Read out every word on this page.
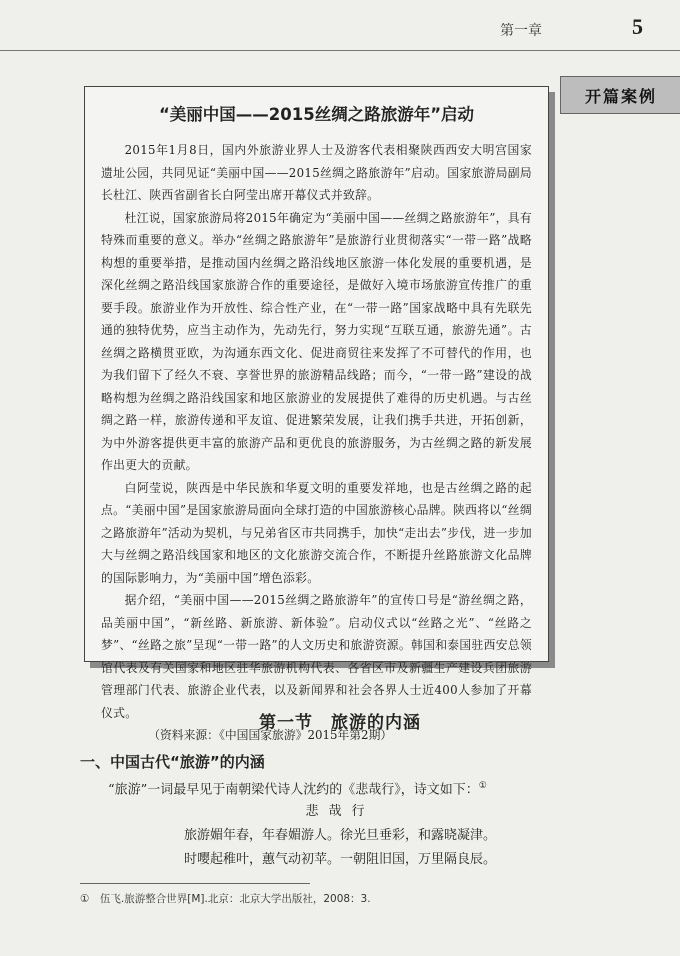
第一章	5
开篇案例
“美丽中国——2015丝绸之路旅游年”启动

2015年1月8日，国内外旅游业界人士及游客代表相聚陕西西安大明宫国家遗址公园，共同见证“美丽中国——2015丝绸之路旅游年”启动。国家旅游局副局长杜江、陕西省副省长白阿莹出席开幕仪式并致辞。

杜江说，国家旅游局将2015年确定为“美丽中国——丝绸之路旅游年”，具有特殊而重要的意义。举办“丝绸之路旅游年”是旅游行业贯彻落实“一带一路”战略构想的重要举措，是推动国内丝绸之路沿线地区旅游一体化发展的重要机遇，是深化丝绸之路沿线国家旅游合作的重要途径，是做好入境市场旅游宣传推广的重要手段。旅游业作为开放性、综合性产业，在“一带一路”国家战略中具有先联先通的独特优势，应当主动作为，先动先行，努力实现“互联互通，旅游先通”。古丝绸之路横贯亚欧，为沟通东西文化、促进商贸往来发挥了不可替代的作用，也为我们留下了经久不衰、享誉世界的旅游精品线路；而今，“一带一路”建设的战略构想为丝绸之路沿线国家和地区旅游业的发展提供了难得的历史机遇。与古丝绸之路一样，旅游传递和平友谊、促进繁荣发展，让我们携手共进，开拓创新，为中外游客提供更丰富的旅游产品和更优良的旅游服务，为古丝绸之路的新发展作出更大的贡献。

白阿莹说，陕西是中华民族和华夏文明的重要发祥地，也是古丝绸之路的起点。“美丽中国”是国家旅游局面向全球打造的中国旅游核心品牌。陕西将以“丝绸之路旅游年”活动为契机，与兄弟省区市共同携手，加快“走出去”步伐，进一步加大与丝绸之路沿线国家和地区的文化旅游交流合作，不断提升丝路旅游文化品牌的国际影响力，为“美丽中国”增色添彩。

据介绍，“美丽中国——2015丝绸之路旅游年”的宣传口号是“游丝绸之路，品美丽中国”，“新丝路、新旅游、新体验”。启动仪式以“丝路之光”、“丝路之梦”、“丝路之旅”呈现“一带一路”的人文历史和旅游资源。韩国和泰国驻西安总领馆代表及有关国家和地区驻华旅游机构代表、各省区市及新疆生产建设兵团旅游管理部门代表、旅游企业代表，以及新闻界和社会各界人士近400人参加了开幕仪式。

（资料来源：《中国国家旅游》2015年第2期）

第一节　旅游的内涵
一、中国古代“旅游”的内涵
“旅游”一词最早见于南朝梁代诗人沈约的《悲哉行》，诗文如下：①
悲哉行
旅游媚年春，年春媚游人。徐光旦垂彩，和露晓凝津。
时嘤起稚叶，蕙气动初苹。一朝阻旧国，万里隔良辰。
①　伍飞.旅游整合世界[M].北京：北京大学出版社，2008：3.
